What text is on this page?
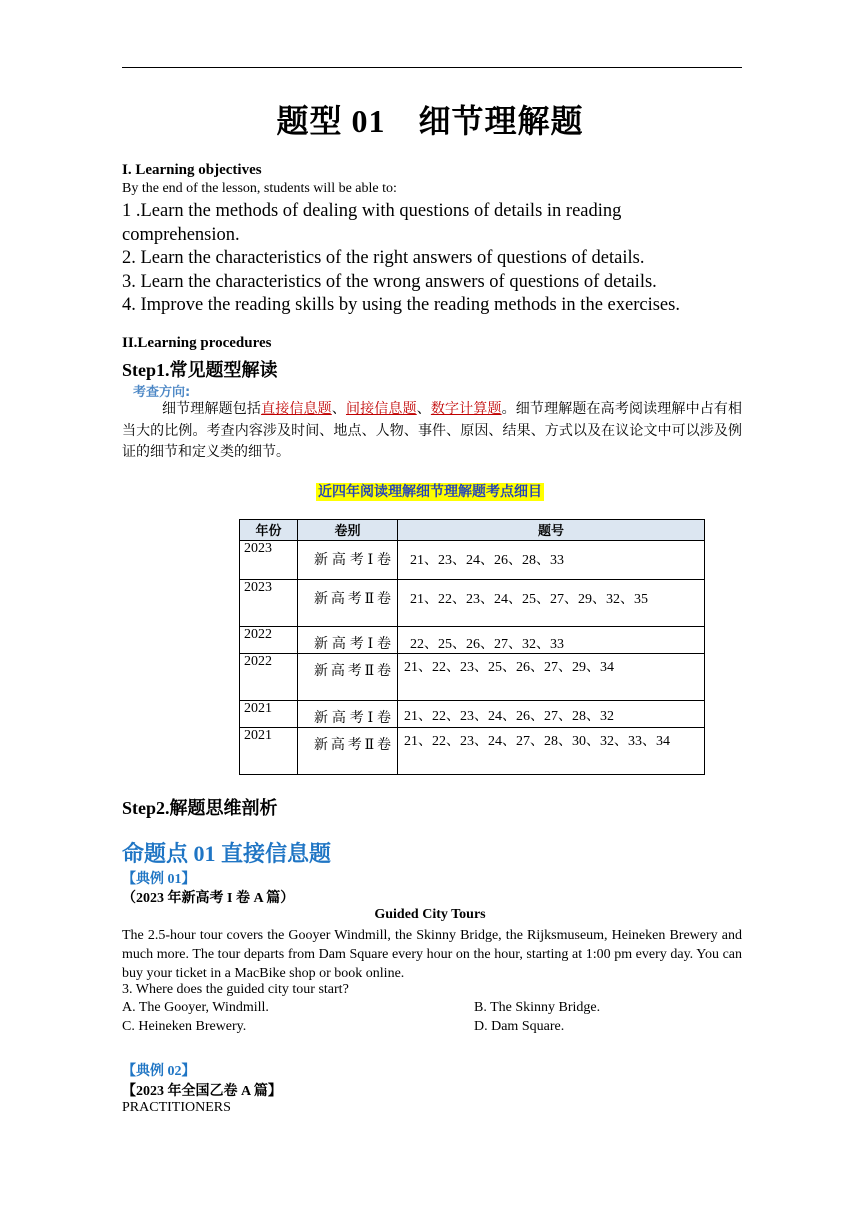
题型 01　细节理解题
I. Learning objectives
By the end of the lesson, students will be able to:
1 .Learn the methods of dealing with questions of details in reading comprehension.
2. Learn the characteristics of the right answers of questions of details.
3. Learn the characteristics of the wrong answers of questions of details.
4. Improve the reading skills by using the reading methods in the exercises.
II.Learning procedures
Step1.常见题型解读
考查方向:
细节理解题包括直接信息题、间接信息题、数字计算题。细节理解题在高考阅读理解中占有相当大的比例。考查内容涉及时间、地点、人物、事件、原因、结果、方式以及在议论文中可以涉及例证的细节和定义类的细节。
近四年阅读理解细节理解题考点细目
年份	卷别	题号
2023	新高考Ⅰ卷	21、23、24、26、28、33
2023	新高考Ⅱ卷	21、22、23、24、25、27、29、32、35
2022	新高考Ⅰ卷	22、25、26、27、32、33
2022	新高考Ⅱ卷	21、22、23、25、26、27、29、34
2021	新高考Ⅰ卷	21、22、23、24、26、27、28、32
2021	新高考Ⅱ卷	21、22、23、24、27、28、30、32、33、34
Step2.解题思维剖析
命题点 01 直接信息题
【典例 01】
（2023 年新高考 I 卷 A 篇）
Guided City Tours
The 2.5-hour tour covers the Gooyer Windmill, the Skinny Bridge, the Rijksmuseum, Heineken Brewery and much more. The tour departs from Dam Square every hour on the hour, starting at 1:00 pm every day. You can buy your ticket in a MacBike shop or book online.
3. Where does the guided city tour start?
A. The Gooyer, Windmill.	B. The Skinny Bridge.
C. Heineken Brewery.	D. Dam Square.
【典例 02】
【2023 年全国乙卷 A 篇】
PRACTITIONERS
